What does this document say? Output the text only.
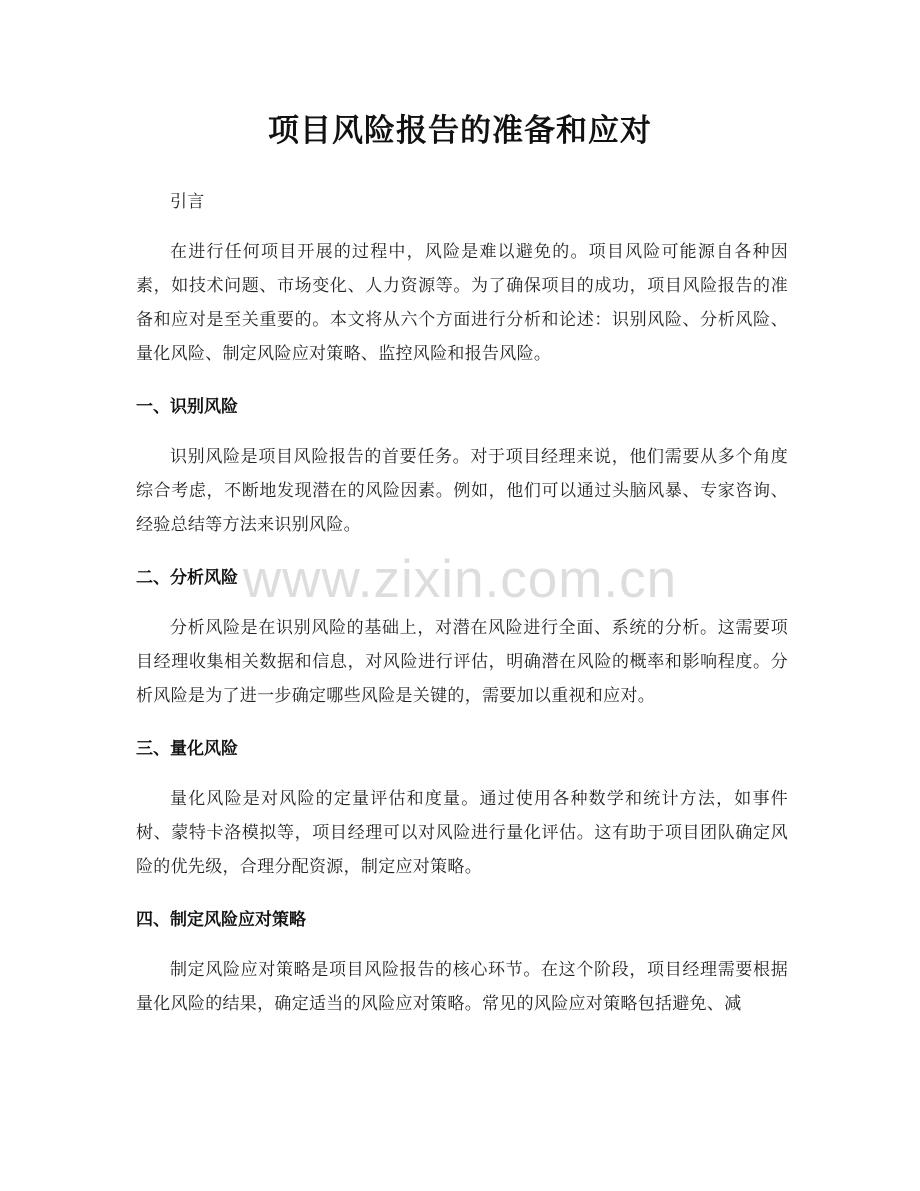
项目风险报告的准备和应对

引言

在进行任何项目开展的过程中，风险是难以避免的。项目风险可能源自各种因素，如技术问题、市场变化、人力资源等。为了确保项目的成功，项目风险报告的准备和应对是至关重要的。本文将从六个方面进行分析和论述：识别风险、分析风险、量化风险、制定风险应对策略、监控风险和报告风险。

一、识别风险

识别风险是项目风险报告的首要任务。对于项目经理来说，他们需要从多个角度综合考虑，不断地发现潜在的风险因素。例如，他们可以通过头脑风暴、专家咨询、经验总结等方法来识别风险。

二、分析风险

分析风险是在识别风险的基础上，对潜在风险进行全面、系统的分析。这需要项目经理收集相关数据和信息，对风险进行评估，明确潜在风险的概率和影响程度。分析风险是为了进一步确定哪些风险是关键的，需要加以重视和应对。

三、量化风险

量化风险是对风险的定量评估和度量。通过使用各种数学和统计方法，如事件树、蒙特卡洛模拟等，项目经理可以对风险进行量化评估。这有助于项目团队确定风险的优先级，合理分配资源，制定应对策略。

四、制定风险应对策略

制定风险应对策略是项目风险报告的核心环节。在这个阶段，项目经理需要根据量化风险的结果，确定适当的风险应对策略。常见的风险应对策略包括避免、减

www.zixin.com.cn
